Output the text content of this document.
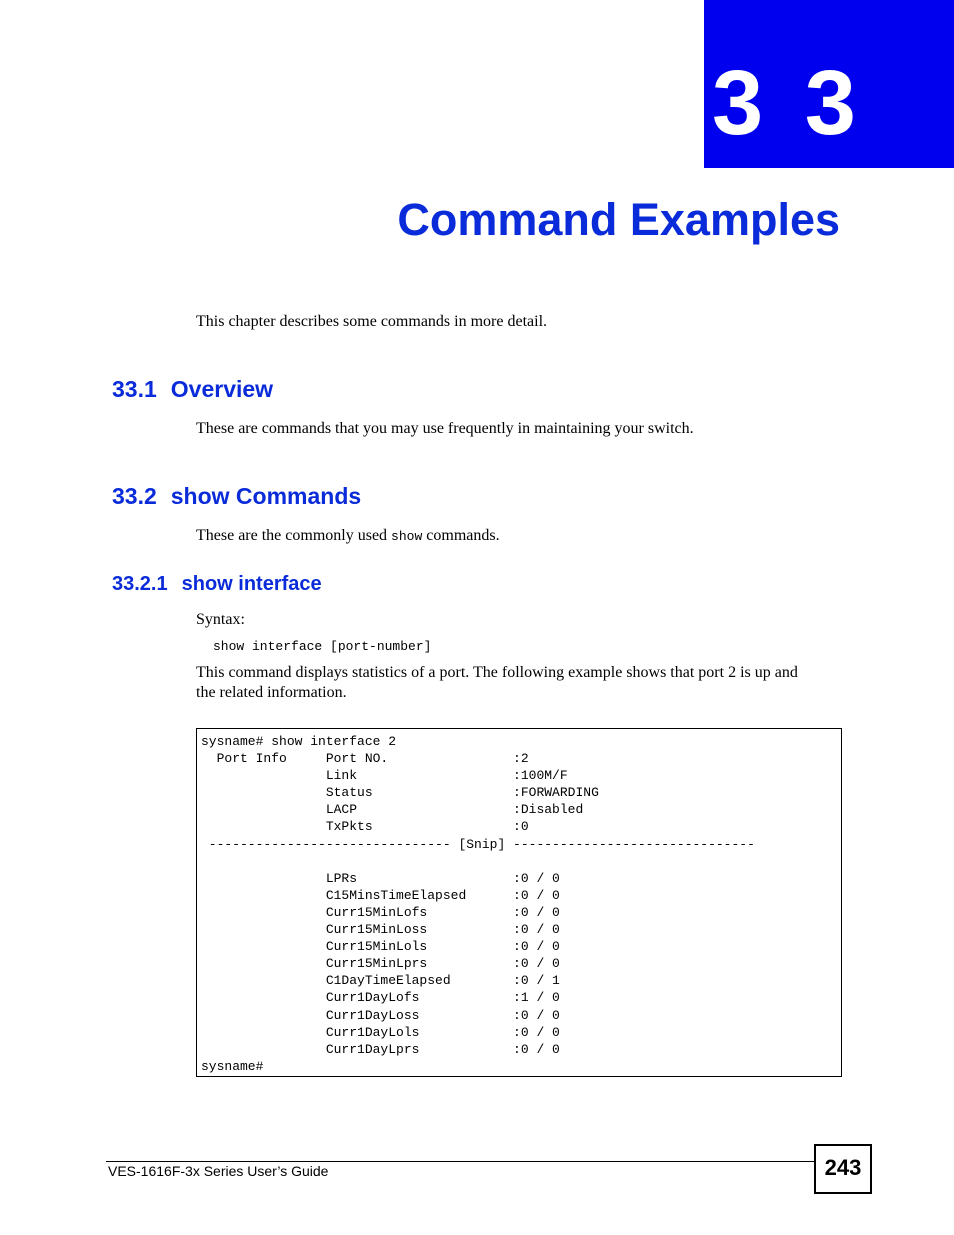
3 3
Command Examples
This chapter describes some commands in more detail.
33.1 Overview
These are commands that you may use frequently in maintaining your switch.
33.2 show Commands
These are the commonly used show commands.
33.2.1 show interface
Syntax:
show interface [port-number]
This command displays statistics of a port. The following example shows that port 2 is up and
the related information.
sysname# show interface 2
Port Info     Port NO.                :2
Link                    :100M/F
Status                  :FORWARDING
LACP                    :Disabled
TxPkts                  :0
------------------------------- [Snip] -------------------------------

LPRs                    :0 / 0
C15MinsTimeElapsed      :0 / 0
Curr15MinLofs           :0 / 0
Curr15MinLoss           :0 / 0
Curr15MinLols           :0 / 0
Curr15MinLprs           :0 / 0
C1DayTimeElapsed        :0 / 1
Curr1DayLofs            :1 / 0
Curr1DayLoss            :0 / 0
Curr1DayLols            :0 / 0
Curr1DayLprs            :0 / 0
sysname#
VES-1616F-3x Series User’s Guide	243
